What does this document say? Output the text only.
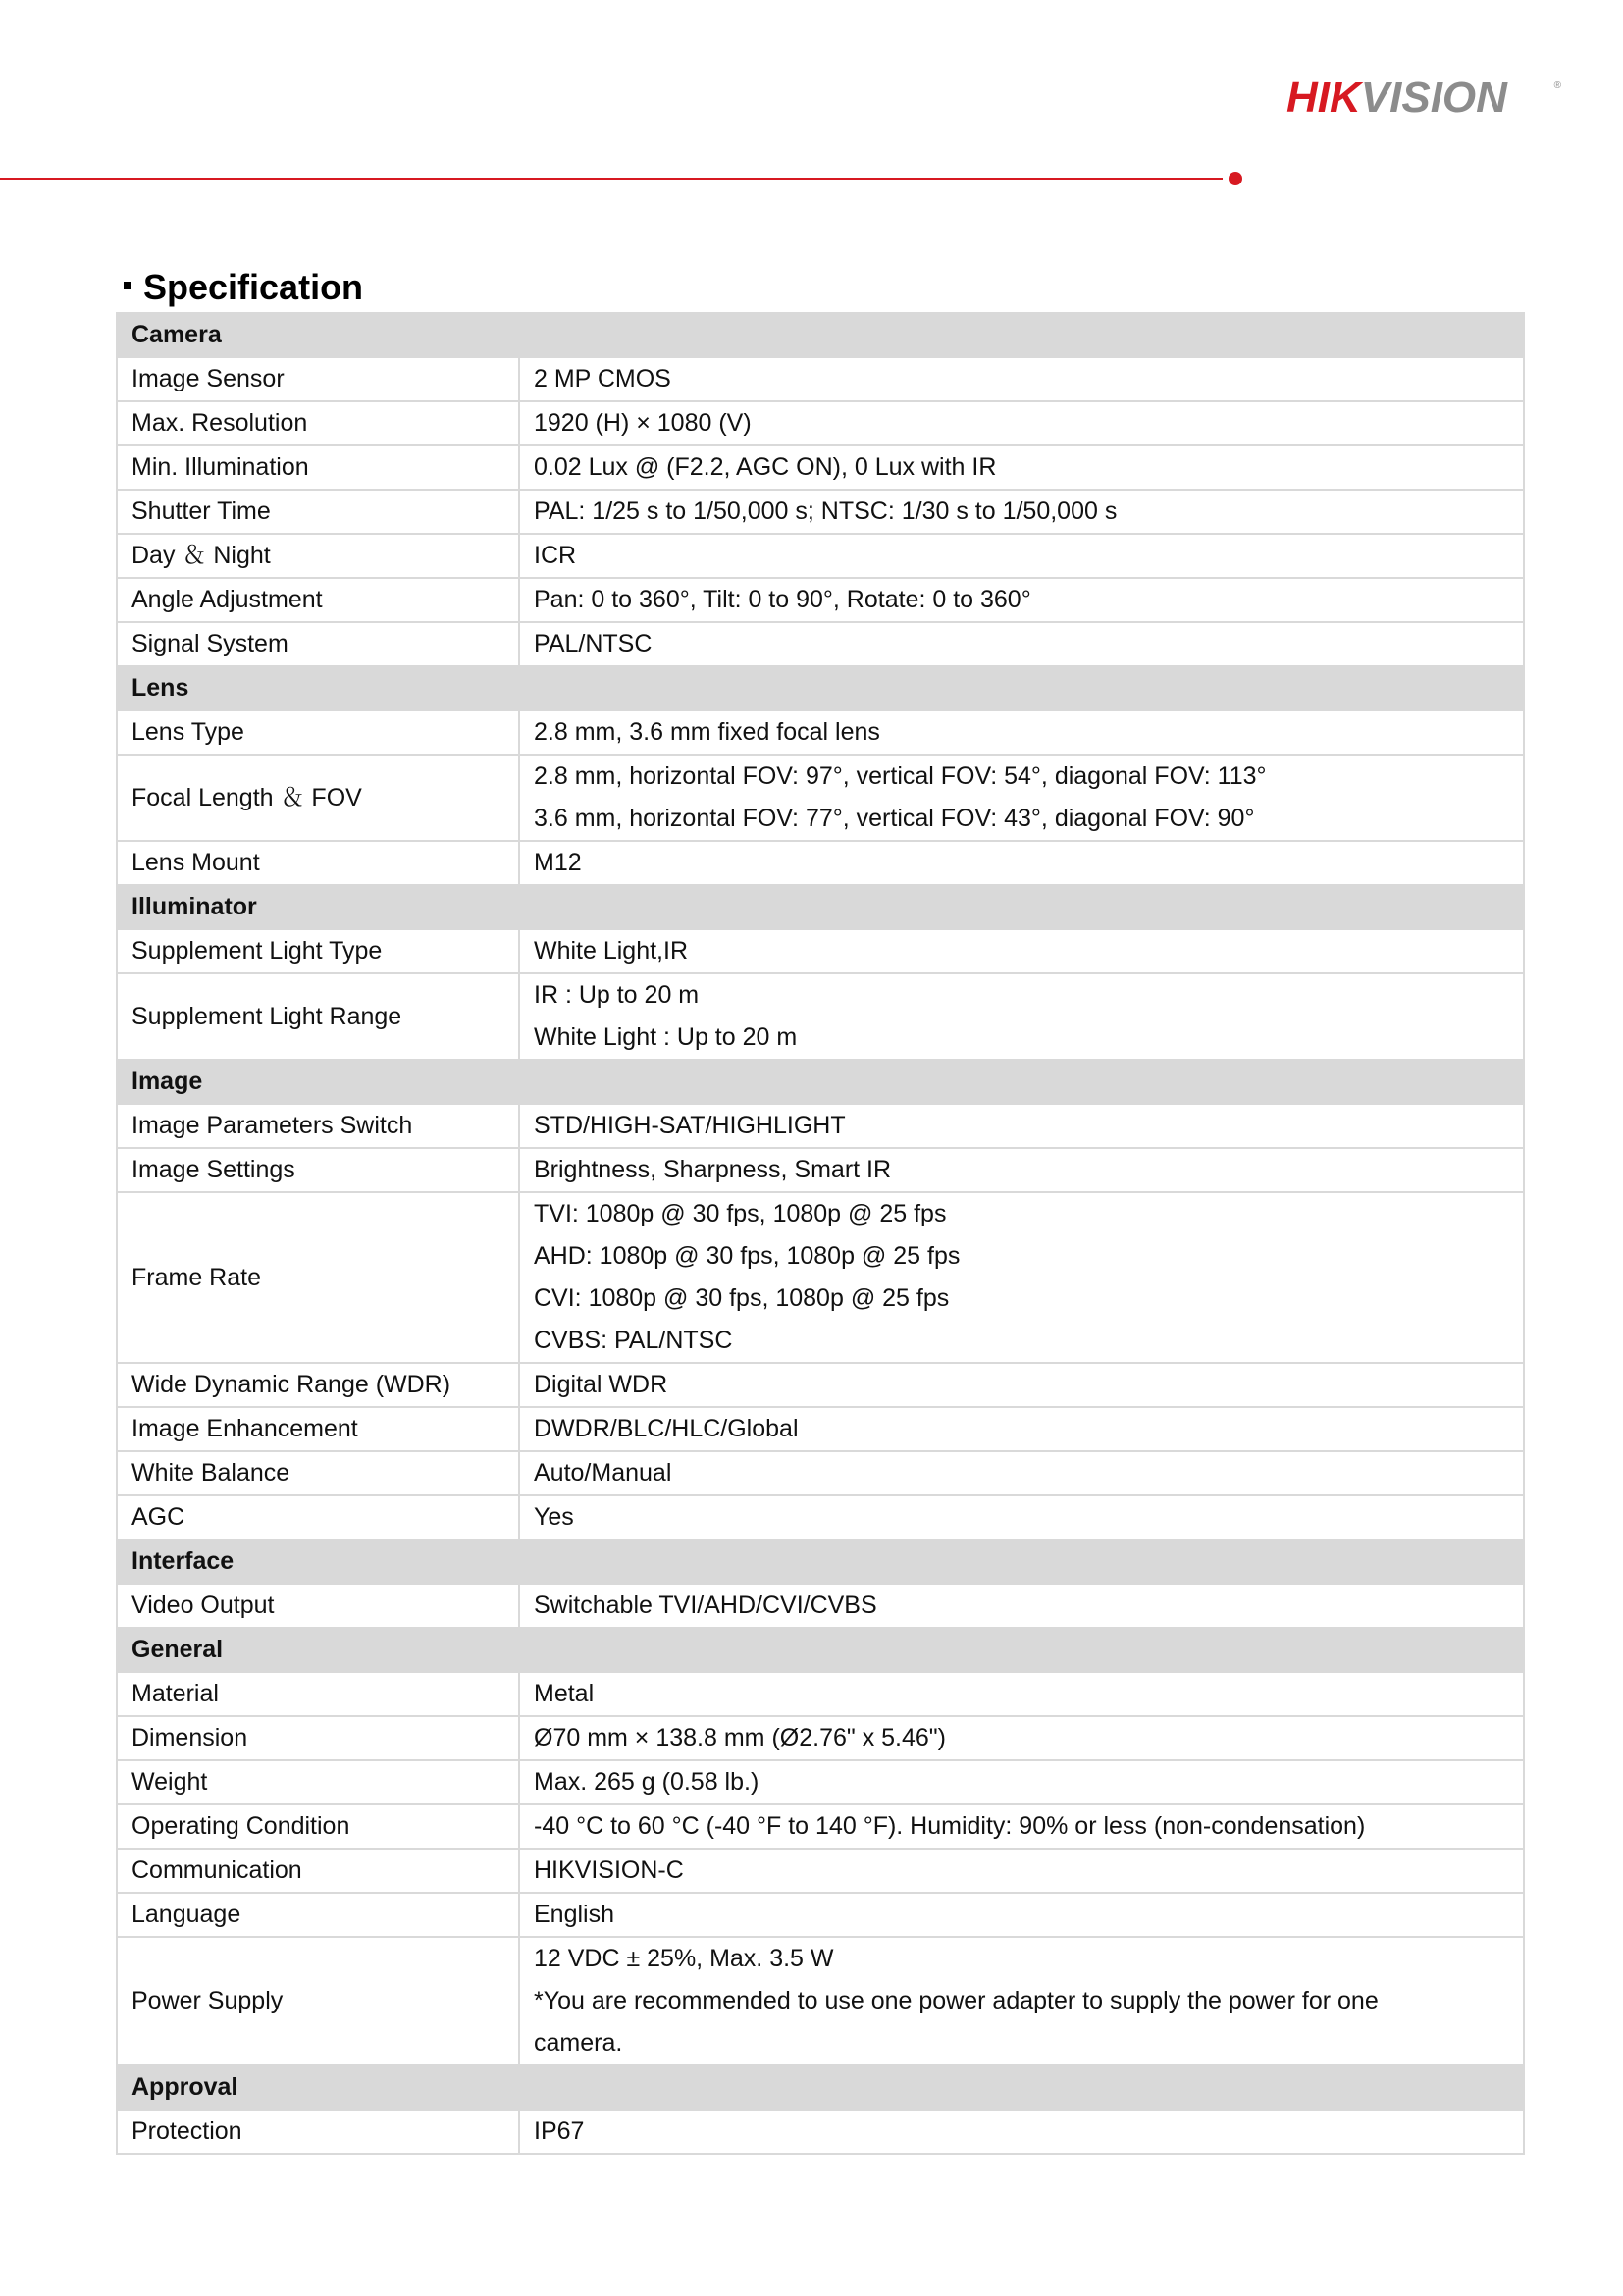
HIKVISION	®
Specification
Camera	
Image Sensor	2 MP CMOS

Max. Resolution	1920 (H) × 1080 (V)

Min. Illumination	0.02 Lux @ (F2.2, AGC ON), 0 Lux with IR

Shutter Time	PAL: 1/25 s to 1/50,000 s; NTSC: 1/30 s to 1/50,000 s

Day ＆ Night	ICR

Angle Adjustment	Pan: 0 to 360°, Tilt: 0 to 90°, Rotate: 0 to 360°

Signal System	PAL/NTSC

Lens	
Lens Type	2.8 mm, 3.6 mm fixed focal lens

Focal Length ＆ FOV	2.8 mm, horizontal FOV: 97°, vertical FOV: 54°, diagonal FOV: 113°
3.6 mm, horizontal FOV: 77°, vertical FOV: 43°, diagonal FOV: 90°

Lens Mount	M12

Illuminator	
Supplement Light Type	White Light,IR

Supplement Light Range	IR : Up to 20 m
White Light : Up to 20 m

Image	
Image Parameters Switch	STD/HIGH-SAT/HIGHLIGHT

Image Settings	Brightness, Sharpness, Smart IR

Frame Rate	TVI: 1080p @ 30 fps, 1080p @ 25 fps
AHD: 1080p @ 30 fps, 1080p @ 25 fps
CVI: 1080p @ 30 fps, 1080p @ 25 fps
CVBS: PAL/NTSC

Wide Dynamic Range (WDR)	Digital WDR

Image Enhancement	DWDR/BLC/HLC/Global

White Balance	Auto/Manual

AGC	Yes

Interface	
Video Output	Switchable TVI/AHD/CVI/CVBS

General	
Material	Metal

Dimension	Ø70 mm × 138.8 mm (Ø2.76" x 5.46")

Weight	Max. 265 g (0.58 lb.)

Operating Condition	-40 °C to 60 °C (-40 °F to 140 °F). Humidity: 90% or less (non-condensation)

Communication	HIKVISION-C

Language	English

Power Supply	12 VDC ± 25%, Max. 3.5 W
*You are recommended to use one power adapter to supply the power for one
camera.

Approval	
Protection	IP67
